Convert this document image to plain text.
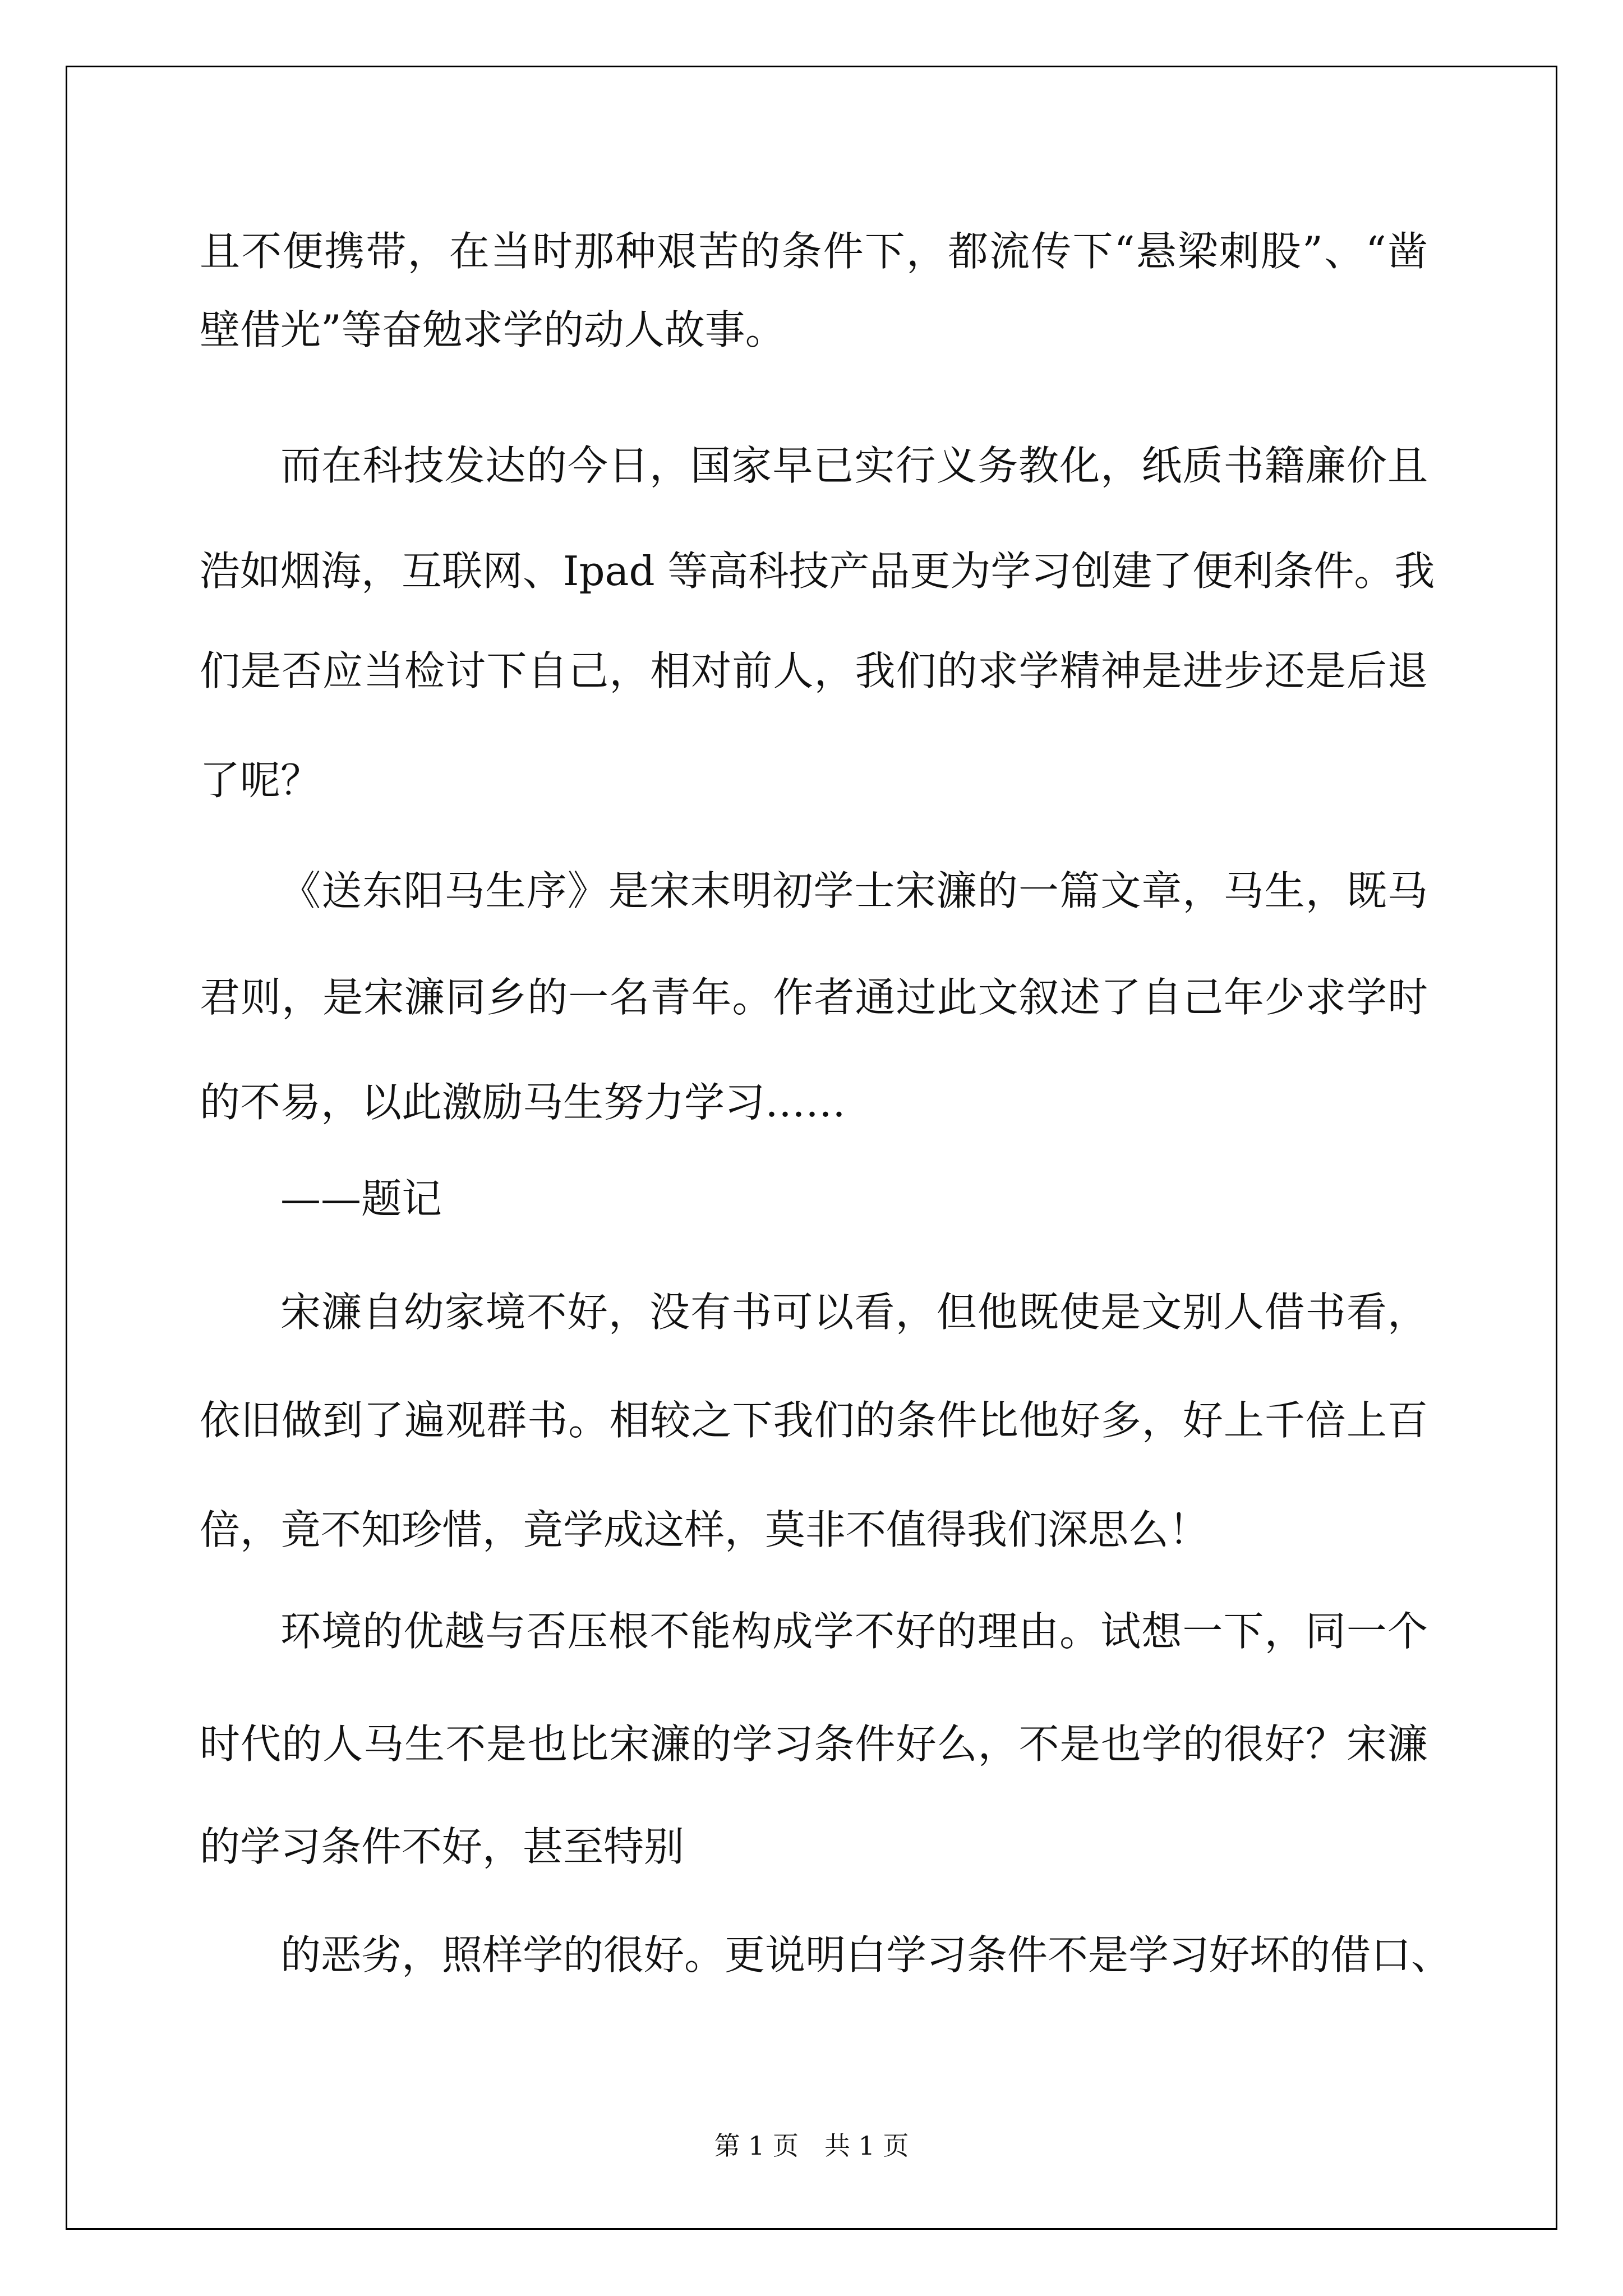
且不便携带，在当时那种艰苦的条件下，都流传下“悬梁刺股”、“凿
壁借光”等奋勉求学的动人故事。
而在科技发达的今日，国家早已实行义务教化，纸质书籍廉价且
浩如烟海，互联网、Ipad 等高科技产品更为学习创建了便利条件。我
们是否应当检讨下自己，相对前人，我们的求学精神是进步还是后退
了呢？
《送东阳马生序》是宋末明初学士宋濂的一篇文章，马生，既马
君则，是宋濂同乡的一名青年。作者通过此文叙述了自己年少求学时
的不易，以此激励马生努力学习……
——题记
宋濂自幼家境不好，没有书可以看，但他既使是文别人借书看，
依旧做到了遍观群书。相较之下我们的条件比他好多，好上千倍上百
倍，竟不知珍惜，竟学成这样，莫非不值得我们深思么！
环境的优越与否压根不能构成学不好的理由。试想一下，同一个
时代的人马生不是也比宋濂的学习条件好么，不是也学的很好？宋濂
的学习条件不好，甚至特别
的恶劣，照样学的很好。更说明白学习条件不是学习好坏的借口、
第 1 页　共 1 页
